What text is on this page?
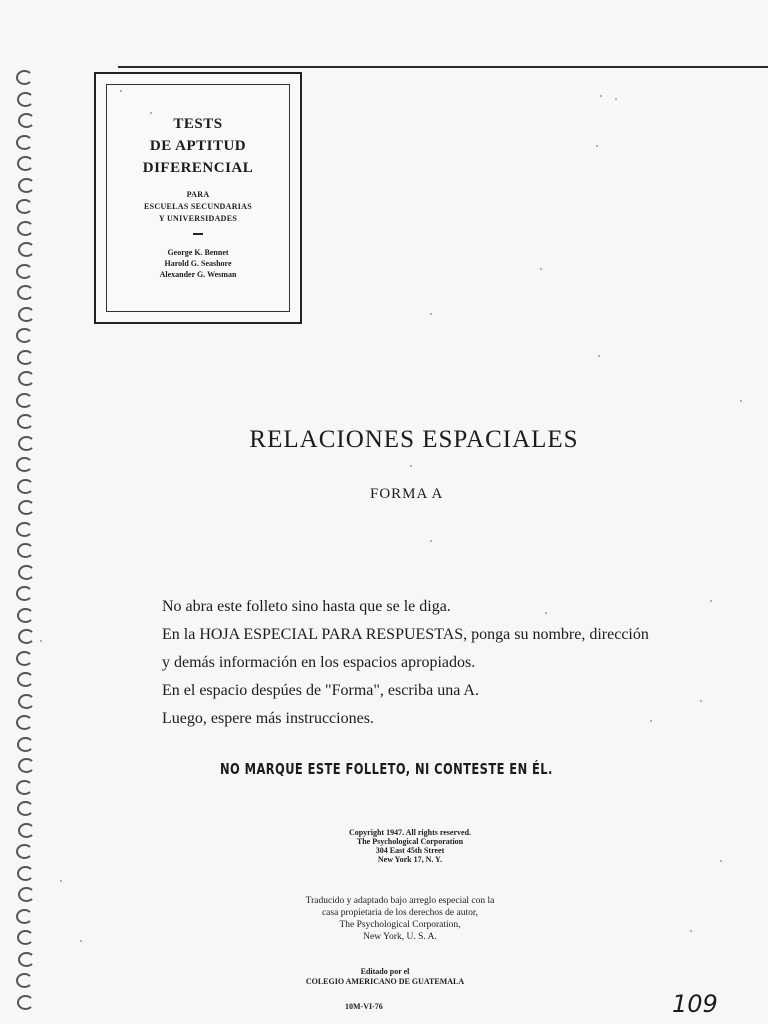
TESTS
DE APTITUD
DIFERENCIAL
PARA
ESCUELAS SECUNDARIAS
Y UNIVERSIDADES
George K. Bennet
Harold G. Seashore
Alexander G. Wesman
RELACIONES ESPACIALES
FORMA A

No abra este folleto sino hasta que se le diga.

En la HOJA ESPECIAL PARA RESPUESTAS, ponga su nombre, dirección y demás información en los espacios apropiados.

En el espacio despúes de "Forma", escriba una A.

Luego, espere más instrucciones.

NO MARQUE ESTE FOLLETO, NI CONTESTE EN ÉL.
Copyright 1947. All rights reserved.
The Psychological Corporation
304 East 45th Street
New York 17, N. Y.
Traducido y adaptado bajo arreglo especial con la
casa propietaria de los derechos de autor,
The Psychological Corporation,
New York, U. S. A.
Editado por el
COLEGIO AMERICANO DE GUATEMALA
10M-VI-76	109
